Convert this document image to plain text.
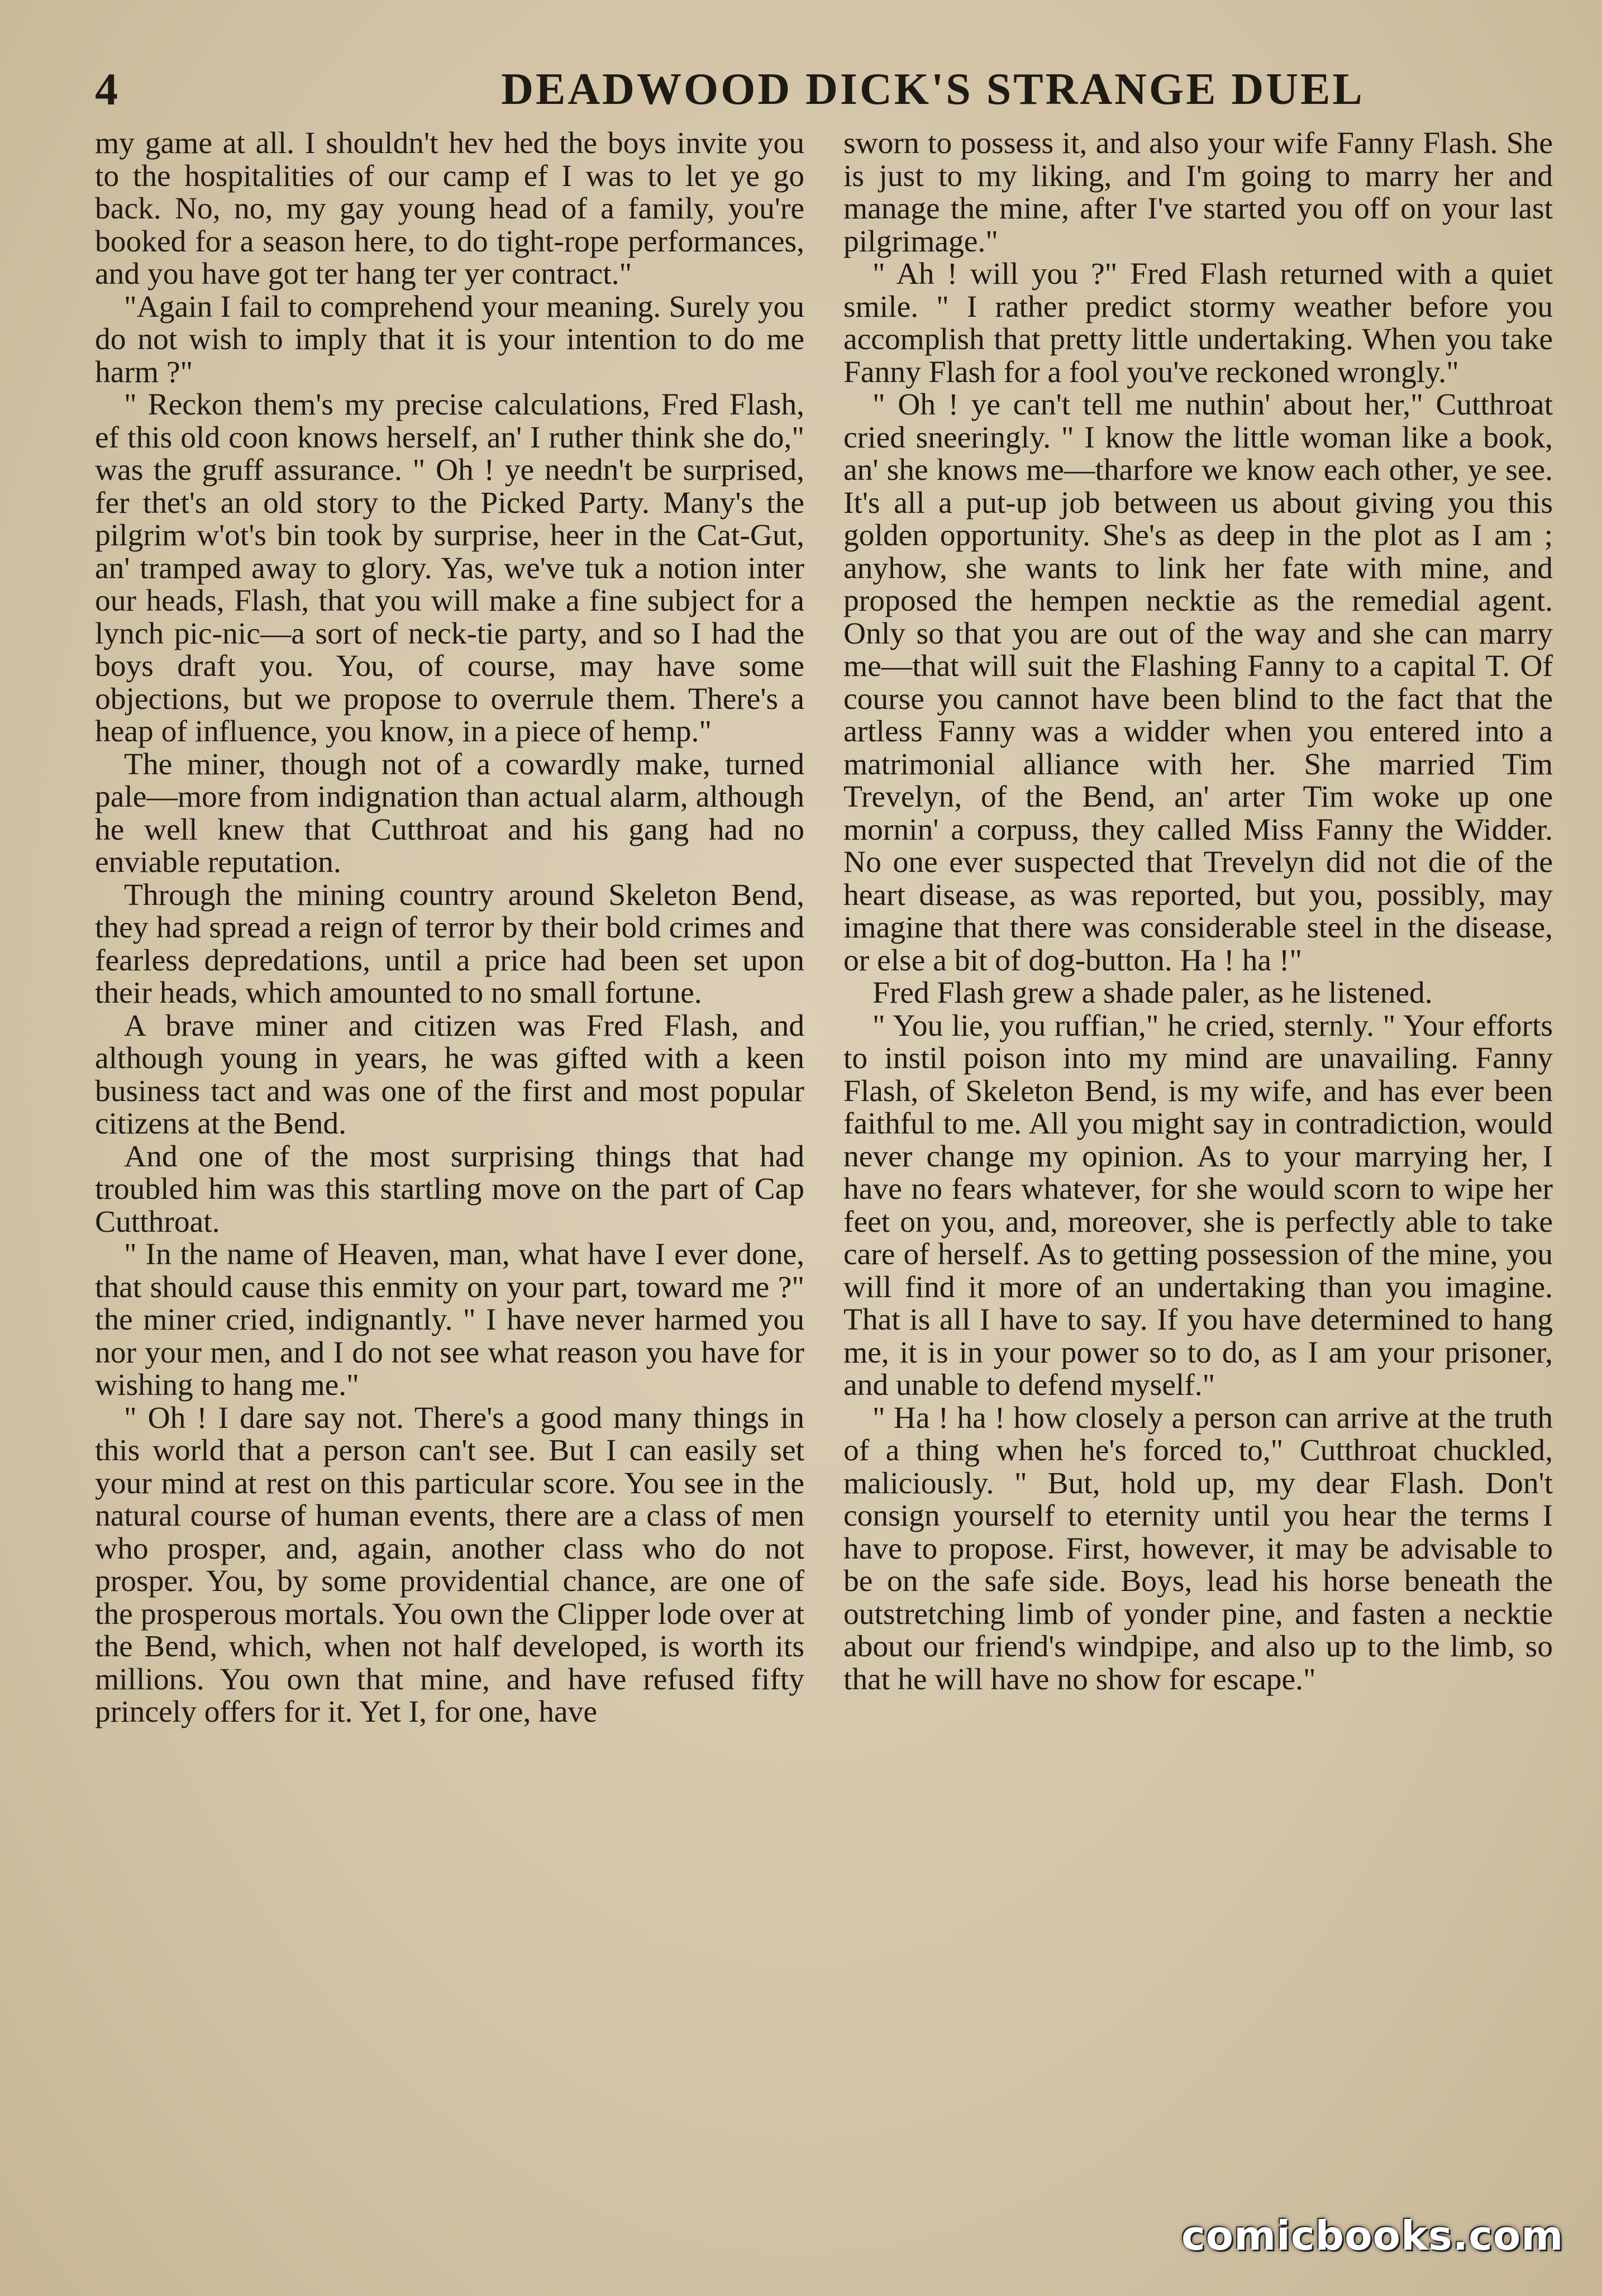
4	DEADWOOD DICK'S STRANGE DUEL

my game at all. I shouldn't hev hed the boys invite you to the hospitalities of our camp ef I was to let ye go back. No, no, my gay young head of a family, you're booked for a season here, to do tight-rope performances, and you have got ter hang ter yer contract."

"Again I fail to comprehend your meaning. Surely you do not wish to imply that it is your intention to do me harm ?"

" Reckon them's my precise calculations, Fred Flash, ef this old coon knows herself, an' I ruther think she do," was the gruff assurance. " Oh ! ye needn't be surprised, fer thet's an old story to the Picked Party. Many's the pilgrim w'ot's bin took by surprise, heer in the Cat-Gut, an' tramped away to glory. Yas, we've tuk a notion inter our heads, Flash, that you will make a fine subject for a lynch pic-nic—a sort of neck-tie party, and so I had the boys draft you. You, of course, may have some objections, but we propose to overrule them. There's a heap of influence, you know, in a piece of hemp."

The miner, though not of a cowardly make, turned pale—more from indignation than actual alarm, although he well knew that Cutthroat and his gang had no enviable reputation.

Through the mining country around Skeleton Bend, they had spread a reign of terror by their bold crimes and fearless depredations, until a price had been set upon their heads, which amounted to no small fortune.

A brave miner and citizen was Fred Flash, and although young in years, he was gifted with a keen business tact and was one of the first and most popular citizens at the Bend.

And one of the most surprising things that had troubled him was this startling move on the part of Cap Cutthroat.

" In the name of Heaven, man, what have I ever done, that should cause this enmity on your part, toward me ?" the miner cried, indignantly. " I have never harmed you nor your men, and I do not see what reason you have for wishing to hang me."

" Oh ! I dare say not. There's a good many things in this world that a person can't see. But I can easily set your mind at rest on this particular score. You see in the natural course of human events, there are a class of men who prosper, and, again, another class who do not prosper. You, by some providential chance, are one of the prosperous mortals. You own the Clipper lode over at the Bend, which, when not half developed, is worth its millions. You own that mine, and have refused fifty princely offers for it. Yet I, for one, have

sworn to possess it, and also your wife Fanny Flash. She is just to my liking, and I'm going to marry her and manage the mine, after I've started you off on your last pilgrimage."

" Ah ! will you ?" Fred Flash returned with a quiet smile. " I rather predict stormy weather before you accomplish that pretty little undertaking. When you take Fanny Flash for a fool you've reckoned wrongly."

" Oh ! ye can't tell me nuthin' about her," Cutthroat cried sneeringly. " I know the little woman like a book, an' she knows me—tharfore we know each other, ye see. It's all a put-up job between us about giving you this golden opportunity. She's as deep in the plot as I am ; anyhow, she wants to link her fate with mine, and proposed the hempen necktie as the remedial agent. Only so that you are out of the way and she can marry me—that will suit the Flashing Fanny to a capital T. Of course you cannot have been blind to the fact that the artless Fanny was a widder when you entered into a matrimonial alliance with her. She married Tim Trevelyn, of the Bend, an' arter Tim woke up one mornin' a corpuss, they called Miss Fanny the Widder. No one ever suspected that Trevelyn did not die of the heart disease, as was reported, but you, possibly, may imagine that there was considerable steel in the disease, or else a bit of dog-button. Ha ! ha !"

Fred Flash grew a shade paler, as he listened.

" You lie, you ruffian," he cried, sternly. " Your efforts to instil poison into my mind are unavailing. Fanny Flash, of Skeleton Bend, is my wife, and has ever been faithful to me. All you might say in contradiction, would never change my opinion. As to your marrying her, I have no fears whatever, for she would scorn to wipe her feet on you, and, moreover, she is perfectly able to take care of herself. As to getting possession of the mine, you will find it more of an undertaking than you imagine. That is all I have to say. If you have determined to hang me, it is in your power so to do, as I am your prisoner, and unable to defend myself."

" Ha ! ha ! how closely a person can arrive at the truth of a thing when he's forced to," Cutthroat chuckled, maliciously. " But, hold up, my dear Flash. Don't consign yourself to eternity until you hear the terms I have to propose. First, however, it may be advisable to be on the safe side. Boys, lead his horse beneath the outstretching limb of yonder pine, and fasten a necktie about our friend's windpipe, and also up to the limb, so that he will have no show for escape."

comicbooks.com
